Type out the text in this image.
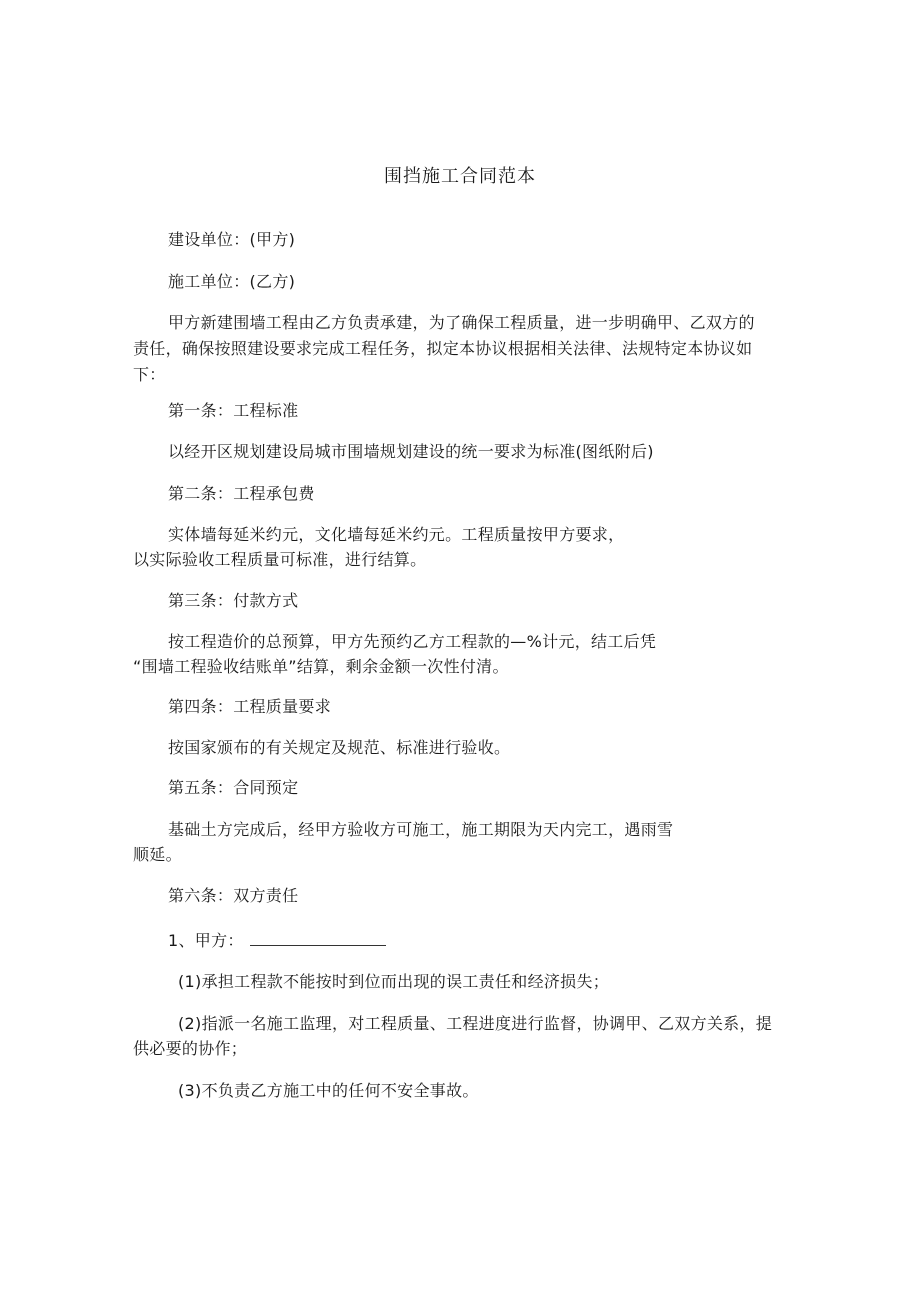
围挡施工合同范本
建设单位：(甲方)
施工单位：(乙方)
甲方新建围墙工程由乙方负责承建，为了确保工程质量，进一步明确甲、乙双方的
责任，确保按照建设要求完成工程任务，拟定本协议根据相关法律、法规特定本协议如
下：
第一条：工程标准
以经开区规划建设局城市围墙规划建设的统一要求为标准(图纸附后)
第二条：工程承包费
实体墙每延米约元，文化墙每延米约元。工程质量按甲方要求，
以实际验收工程质量可标准，进行结算。
第三条：付款方式
按工程造价的总预算，甲方先预约乙方工程款的—%计元，结工后凭
“围墙工程验收结账单”结算，剩余金额一次性付清。
第四条：工程质量要求
按国家颁布的有关规定及规范、标准进行验收。
第五条：合同预定
基础土方完成后，经甲方验收方可施工，施工期限为天内完工，遇雨雪
顺延。
第六条：双方责任
1、甲方：
(1)承担工程款不能按时到位而出现的误工责任和经济损失；
(2)指派一名施工监理，对工程质量、工程进度进行监督，协调甲、乙双方关系，提
供必要的协作；
(3)不负责乙方施工中的任何不安全事故。
